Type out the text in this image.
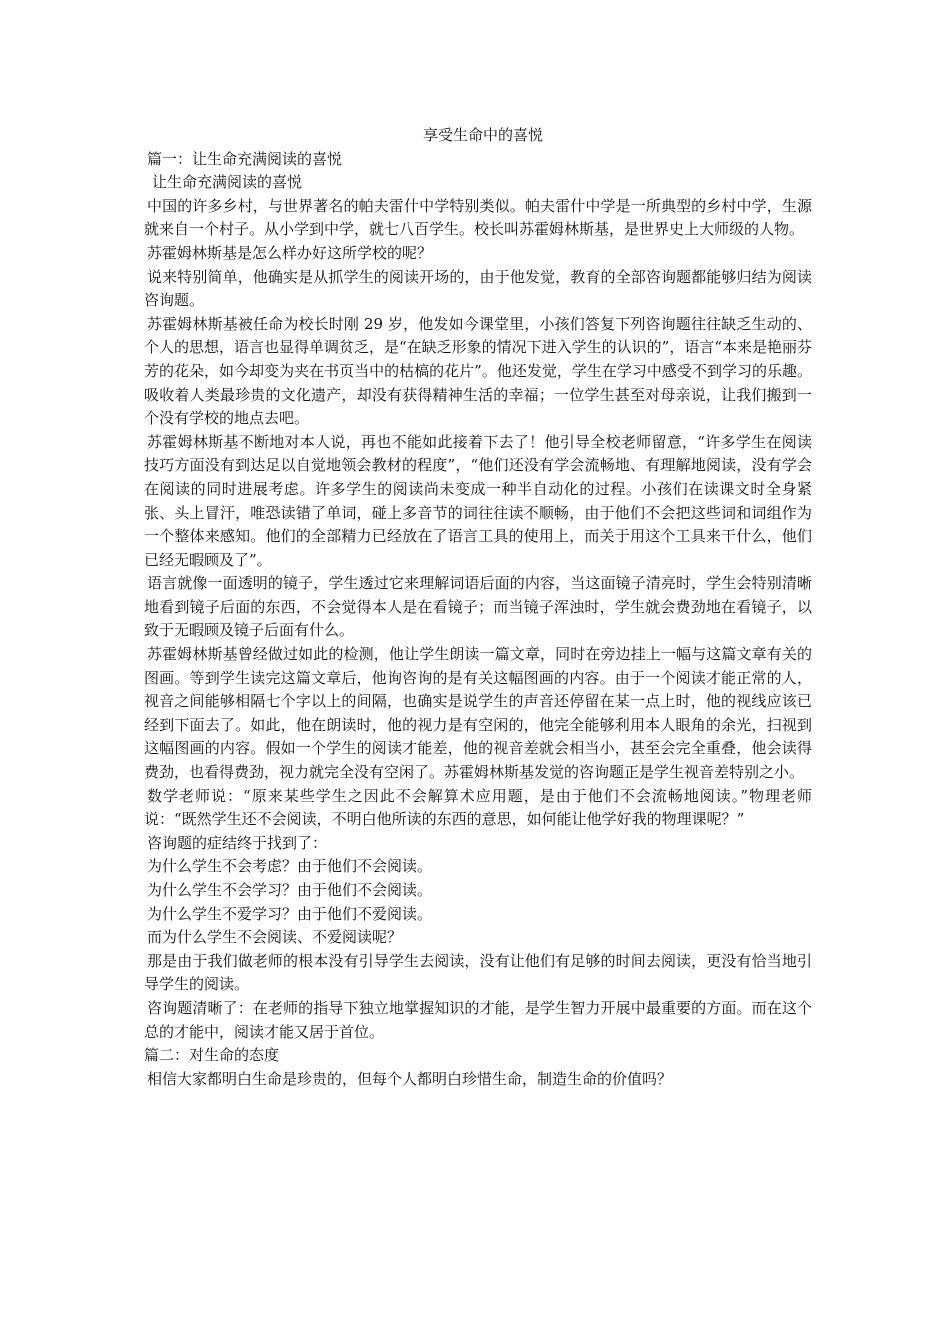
享受生命中的喜悦

篇一：让生命充满阅读的喜悦

让生命充满阅读的喜悦

中国的许多乡村，与世界著名的帕夫雷什中学特别类似。帕夫雷什中学是一所典型的乡村中学，生源就来自一个村子。从小学到中学，就七八百学生。校长叫苏霍姆林斯基，是世界史上大师级的人物。

苏霍姆林斯基是怎么样办好这所学校的呢？

说来特别简单，他确实是从抓学生的阅读开场的，由于他发觉，教育的全部咨询题都能够归结为阅读咨询题。

苏霍姆林斯基被任命为校长时刚 29 岁，他发如今课堂里，小孩们答复下列咨询题往往缺乏生动的、个人的思想，语言也显得单调贫乏，是“在缺乏形象的情况下进入学生的认识的”，语言“本来是艳丽芬芳的花朵，如今却变为夹在书页当中的枯槁的花片”。他还发觉，学生在学习中感受不到学习的乐趣。吸收着人类最珍贵的文化遗产，却没有获得精神生活的幸福；一位学生甚至对母亲说，让我们搬到一个没有学校的地点去吧。

苏霍姆林斯基不断地对本人说，再也不能如此接着下去了！他引导全校老师留意，“许多学生在阅读技巧方面没有到达足以自觉地领会教材的程度”，“他们还没有学会流畅地、有理解地阅读，没有学会在阅读的同时进展考虑。许多学生的阅读尚未变成一种半自动化的过程。小孩们在读课文时全身紧张、头上冒汗，唯恐读错了单词，碰上多音节的词往往读不顺畅，由于他们不会把这些词和词组作为一个整体来感知。他们的全部精力已经放在了语言工具的使用上，而关于用这个工具来干什么，他们已经无暇顾及了”。

语言就像一面透明的镜子，学生透过它来理解词语后面的内容，当这面镜子清亮时，学生会特别清晰地看到镜子后面的东西，不会觉得本人是在看镜子；而当镜子浑浊时，学生就会费劲地在看镜子，以致于无暇顾及镜子后面有什么。

苏霍姆林斯基曾经做过如此的检测，他让学生朗读一篇文章，同时在旁边挂上一幅与这篇文章有关的图画。等到学生读完这篇文章后，他询咨询的是有关这幅图画的内容。由于一个阅读才能正常的人，视音之间能够相隔七个字以上的间隔，也确实是说学生的声音还停留在某一点上时，他的视线应该已经到下面去了。如此，他在朗读时，他的视力是有空闲的，他完全能够利用本人眼角的余光，扫视到这幅图画的内容。假如一个学生的阅读才能差，他的视音差就会相当小，甚至会完全重叠，他会读得费劲，也看得费劲，视力就完全没有空闲了。苏霍姆林斯基发觉的咨询题正是学生视音差特别之小。

数学老师说：“原来某些学生之因此不会解算术应用题，是由于他们不会流畅地阅读。”物理老师说：“既然学生还不会阅读，不明白他所读的东西的意思，如何能让他学好我的物理课呢？”

咨询题的症结终于找到了：

为什么学生不会考虑？由于他们不会阅读。

为什么学生不会学习？由于他们不会阅读。

为什么学生不爱学习？由于他们不爱阅读。

而为什么学生不会阅读、不爱阅读呢？

那是由于我们做老师的根本没有引导学生去阅读，没有让他们有足够的时间去阅读，更没有恰当地引导学生的阅读。

咨询题清晰了：在老师的指导下独立地掌握知识的才能，是学生智力开展中最重要的方面。而在这个总的才能中，阅读才能又居于首位。

篇二：对生命的态度

相信大家都明白生命是珍贵的，但每个人都明白珍惜生命，制造生命的价值吗？
